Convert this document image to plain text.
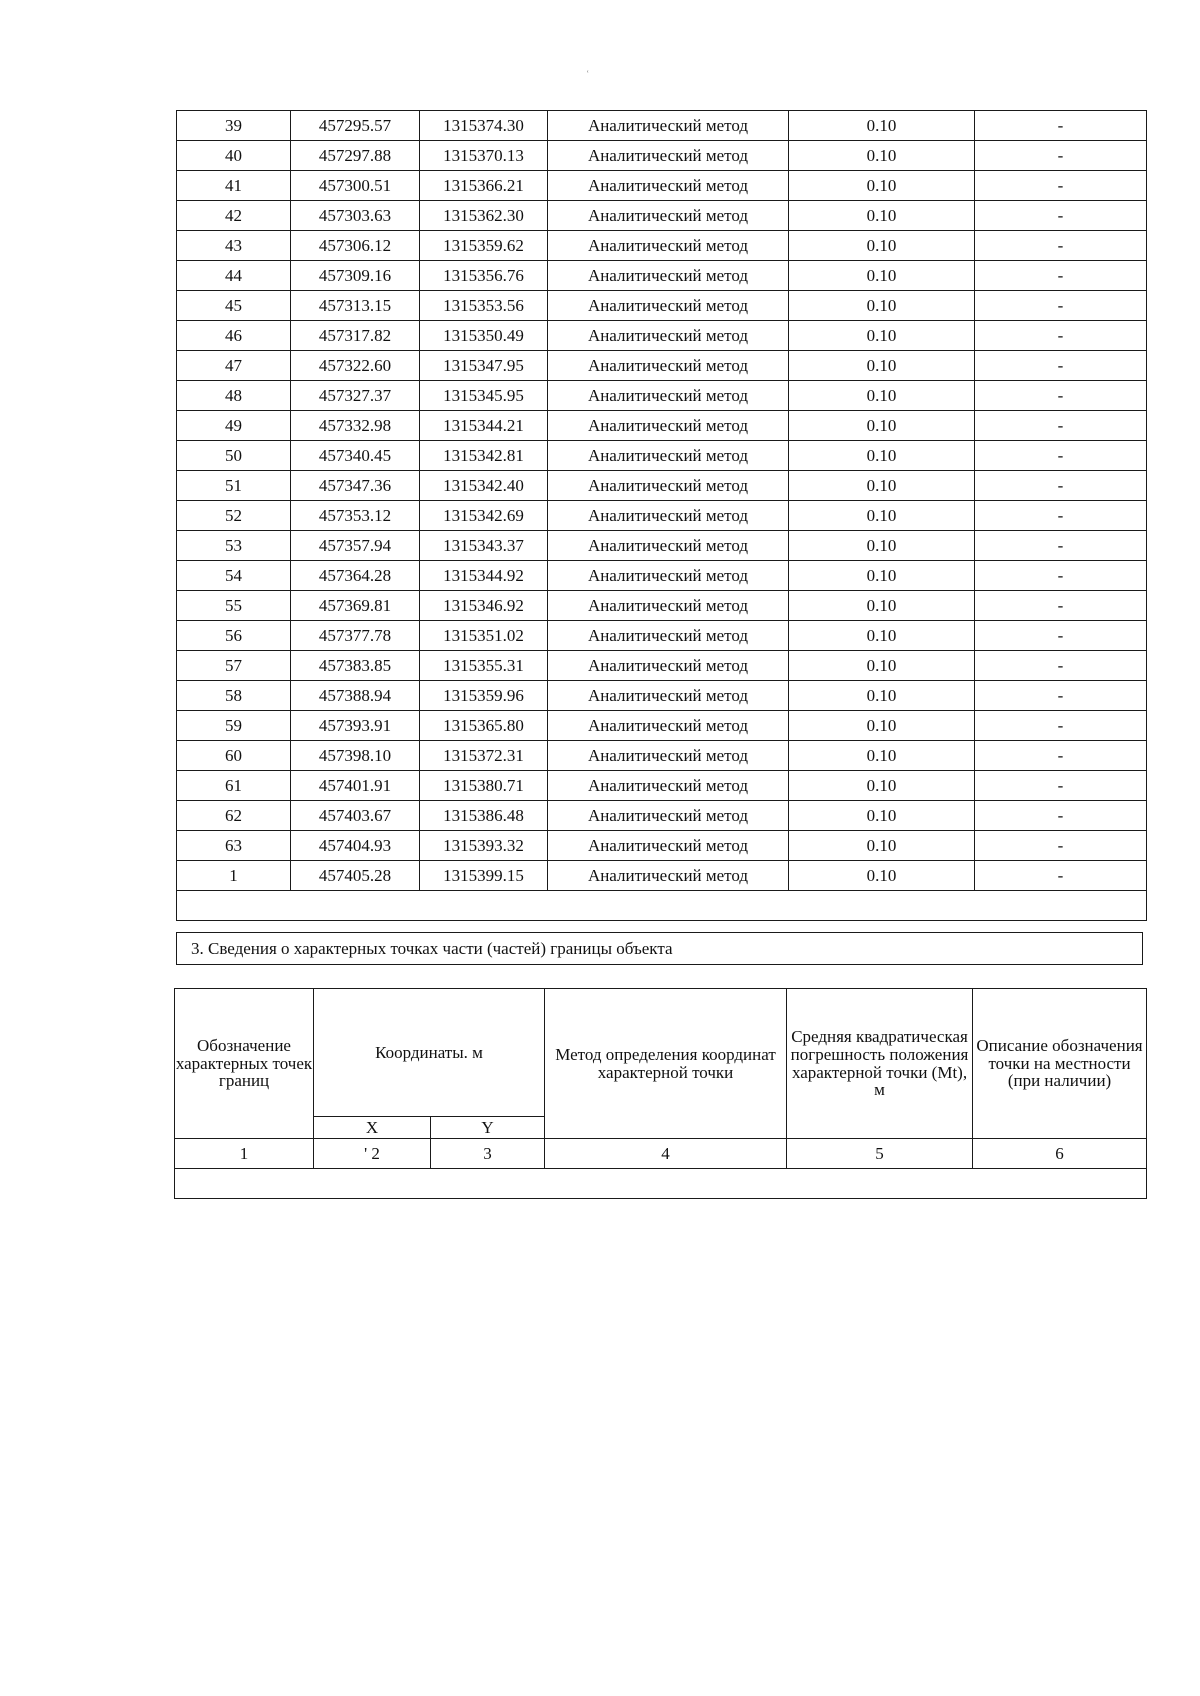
ʿ
39	457295.57	1315374.30	Аналитический метод	0.10	-
40	457297.88	1315370.13	Аналитический метод	0.10	-
41	457300.51	1315366.21	Аналитический метод	0.10	-
42	457303.63	1315362.30	Аналитический метод	0.10	-
43	457306.12	1315359.62	Аналитический метод	0.10	-
44	457309.16	1315356.76	Аналитический метод	0.10	-
45	457313.15	1315353.56	Аналитический метод	0.10	-
46	457317.82	1315350.49	Аналитический метод	0.10	-
47	457322.60	1315347.95	Аналитический метод	0.10	-
48	457327.37	1315345.95	Аналитический метод	0.10	-
49	457332.98	1315344.21	Аналитический метод	0.10	-
50	457340.45	1315342.81	Аналитический метод	0.10	-
51	457347.36	1315342.40	Аналитический метод	0.10	-
52	457353.12	1315342.69	Аналитический метод	0.10	-
53	457357.94	1315343.37	Аналитический метод	0.10	-
54	457364.28	1315344.92	Аналитический метод	0.10	-
55	457369.81	1315346.92	Аналитический метод	0.10	-
56	457377.78	1315351.02	Аналитический метод	0.10	-
57	457383.85	1315355.31	Аналитический метод	0.10	-
58	457388.94	1315359.96	Аналитический метод	0.10	-
59	457393.91	1315365.80	Аналитический метод	0.10	-
60	457398.10	1315372.31	Аналитический метод	0.10	-
61	457401.91	1315380.71	Аналитический метод	0.10	-
62	457403.67	1315386.48	Аналитический метод	0.10	-
63	457404.93	1315393.32	Аналитический метод	0.10	-
1	457405.28	1315399.15	Аналитический метод	0.10	-

3. Сведения о характерных точках части (частей) границы объекта
Обозначение характерных точек границ	Координаты. м		Метод определения координат характерной точки	Средняя квадратическая погрешность положения характерной точки (Mt), м	Описание обозначения точки на местности (при наличии)
	X	Y			
1	' 2	3	4	5	6
